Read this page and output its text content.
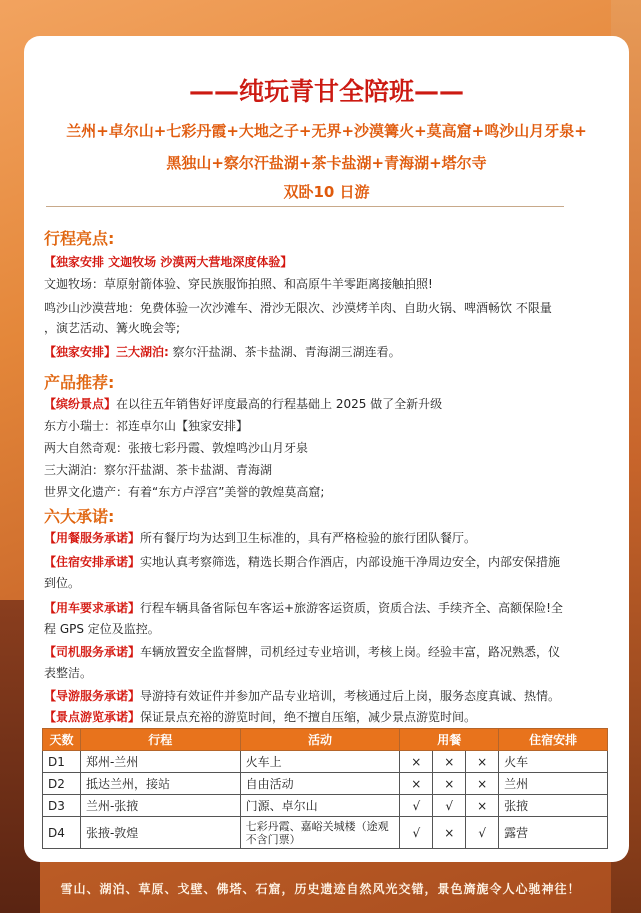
——纯玩青甘全陪班——
兰州+卓尔山+七彩丹霞+大地之子+无界+沙漠篝火+莫高窟+鸣沙山月牙泉+
黑独山+察尔汗盐湖+茶卡盐湖+青海湖+塔尔寺
双卧10 日游
行程亮点:
【独家安排 文迦牧场 沙漠两大营地深度体验】
文迦牧场：草原射箭体验、穿民族服饰拍照、和高原牛羊零距离接触拍照!
鸣沙山沙漠营地：免费体验一次沙滩车、滑沙无限次、沙漠烤羊肉、自助火锅、啤酒畅饮 不限量
，演艺活动、篝火晚会等;
【独家安排】三大湖泊: 察尔汗盐湖、茶卡盐湖、青海湖三湖连看。
产品推荐:
【缤纷景点】在以往五年销售好评度最高的行程基础上 2025 做了全新升级
东方小瑞士：祁连卓尔山【独家安排】
两大自然奇观：张掖七彩丹霞、敦煌鸣沙山月牙泉
三大湖泊：察尔汗盐湖、茶卡盐湖、青海湖
世界文化遗产：有着“东方卢浮宫”美誉的敦煌莫高窟;
六大承诺:
【用餐服务承诺】所有餐厅均为达到卫生标准的，具有严格检验的旅行团队餐厅。
【住宿安排承诺】实地认真考察筛选，精选长期合作酒店，内部设施干净周边安全，内部安保措施
到位。
【用车要求承诺】行程车辆具备省际包车客运+旅游客运资质，资质合法、手续齐全、高额保险!全
程 GPS 定位及监控。
【司机服务承诺】车辆放置安全监督牌，司机经过专业培训，考核上岗。经验丰富，路况熟悉，仪
表整洁。
【导游服务承诺】导游持有效证件并参加产品专业培训，考核通过后上岗，服务态度真诚、热情。
【景点游览承诺】保证景点充裕的游览时间，绝不擅自压缩，减少景点游览时间。
天数	行程	活动	用餐			住宿安排
D1	郑州-兰州	火车上	×	×	×	火车
D2	抵达兰州，接站	自由活动	×	×	×	兰州
D3	兰州-张掖	门源、卓尔山	√	√	×	张掖
D4	张掖-敦煌	七彩丹霞、嘉峪关城楼（途观不含门票）	√	×	√	露营
雪山、湖泊、草原、戈壁、佛塔、石窟，历史遗迹自然风光交错，景色旖旎令人心驰神往！
